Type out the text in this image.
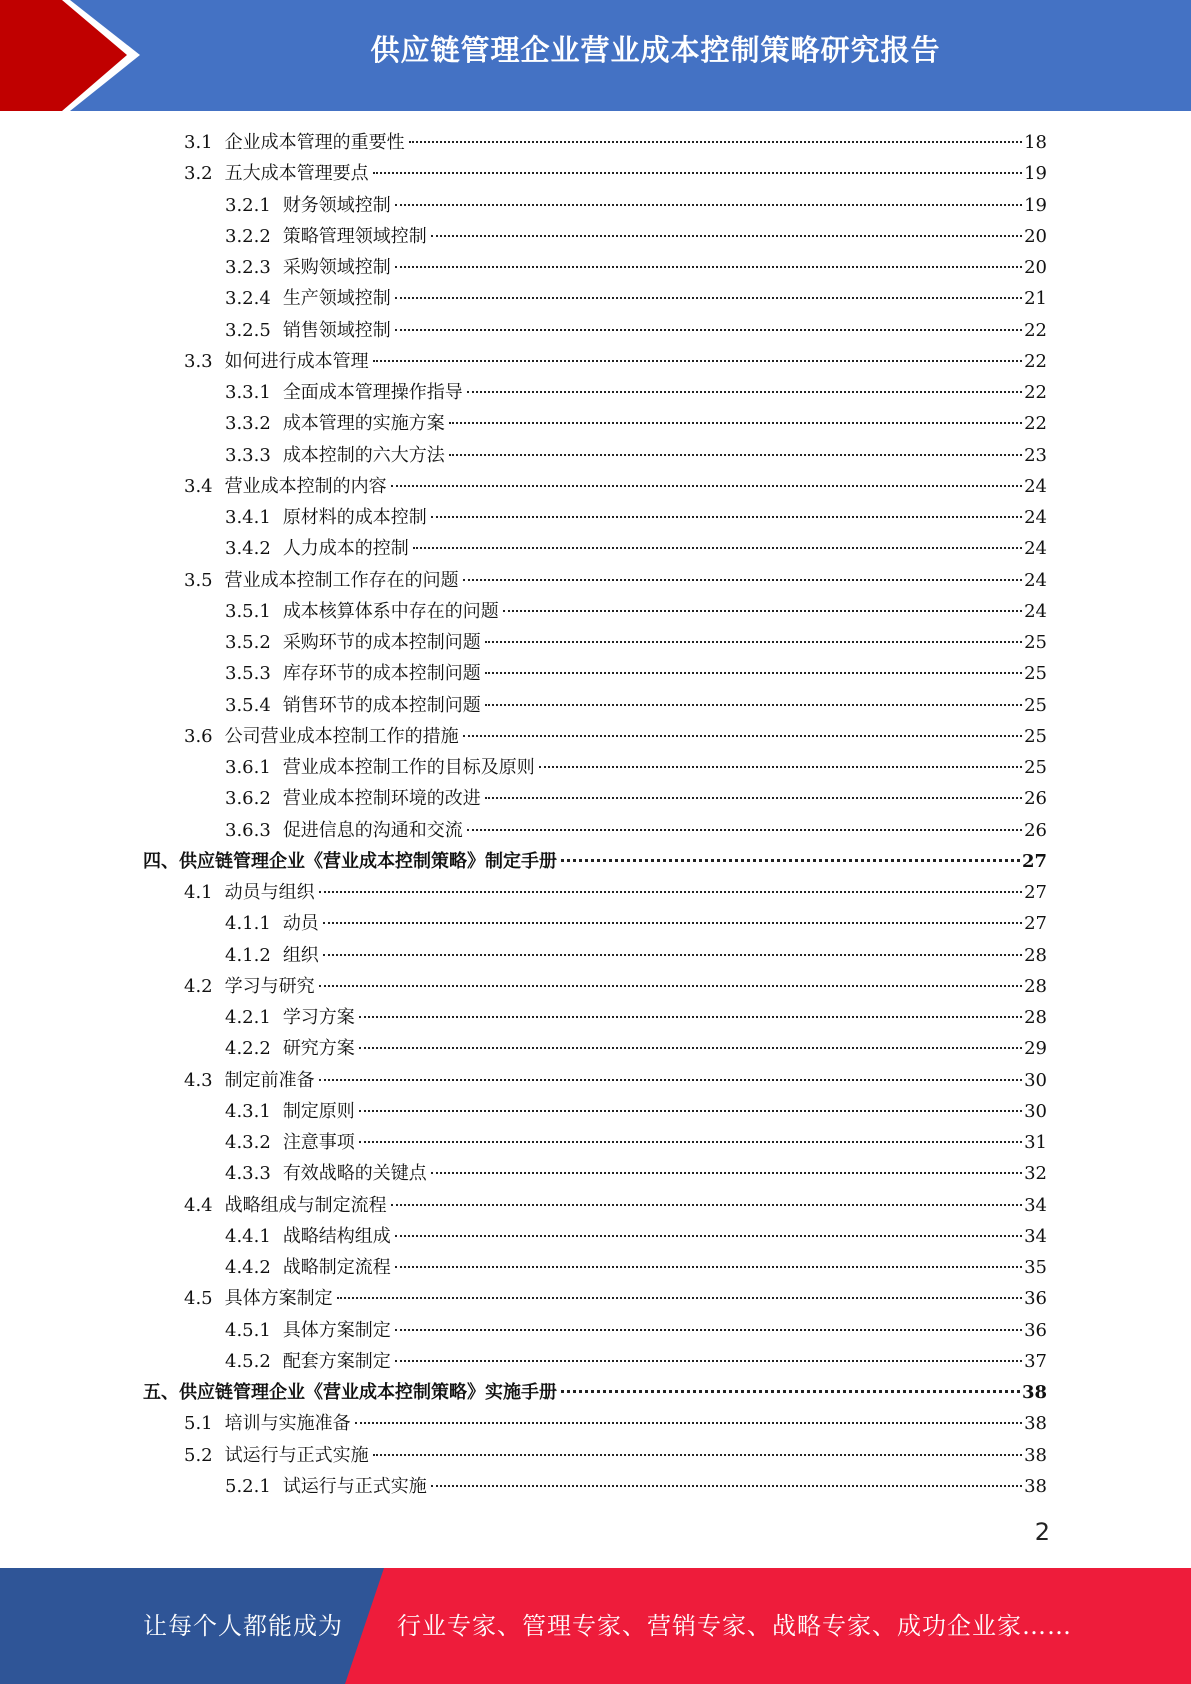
供应链管理企业营业成本控制策略研究报告
3.1 企业成本管理的重要性	18
3.2 五大成本管理要点	19
3.2.1 财务领域控制	19
3.2.2 策略管理领域控制	20
3.2.3 采购领域控制	20
3.2.4 生产领域控制	21
3.2.5 销售领域控制	22
3.3 如何进行成本管理	22
3.3.1 全面成本管理操作指导	22
3.3.2 成本管理的实施方案	22
3.3.3 成本控制的六大方法	23
3.4 营业成本控制的内容	24
3.4.1 原材料的成本控制	24
3.4.2 人力成本的控制	24
3.5 营业成本控制工作存在的问题	24
3.5.1 成本核算体系中存在的问题	24
3.5.2 采购环节的成本控制问题	25
3.5.3 库存环节的成本控制问题	25
3.5.4 销售环节的成本控制问题	25
3.6 公司营业成本控制工作的措施	25
3.6.1 营业成本控制工作的目标及原则	25
3.6.2 营业成本控制环境的改进	26
3.6.3 促进信息的沟通和交流	26
四、供应链管理企业《营业成本控制策略》制定手册	27
4.1 动员与组织	27
4.1.1 动员	27
4.1.2 组织	28
4.2 学习与研究	28
4.2.1 学习方案	28
4.2.2 研究方案	29
4.3 制定前准备	30
4.3.1 制定原则	30
4.3.2 注意事项	31
4.3.3 有效战略的关键点	32
4.4 战略组成与制定流程	34
4.4.1 战略结构组成	34
4.4.2 战略制定流程	35
4.5 具体方案制定	36
4.5.1 具体方案制定	36
4.5.2 配套方案制定	37
五、供应链管理企业《营业成本控制策略》实施手册	38
5.1 培训与实施准备	38
5.2 试运行与正式实施	38
5.2.1 试运行与正式实施	38
2
让每个人都能成为 行业专家、管理专家、营销专家、战略专家、成功企业家……
